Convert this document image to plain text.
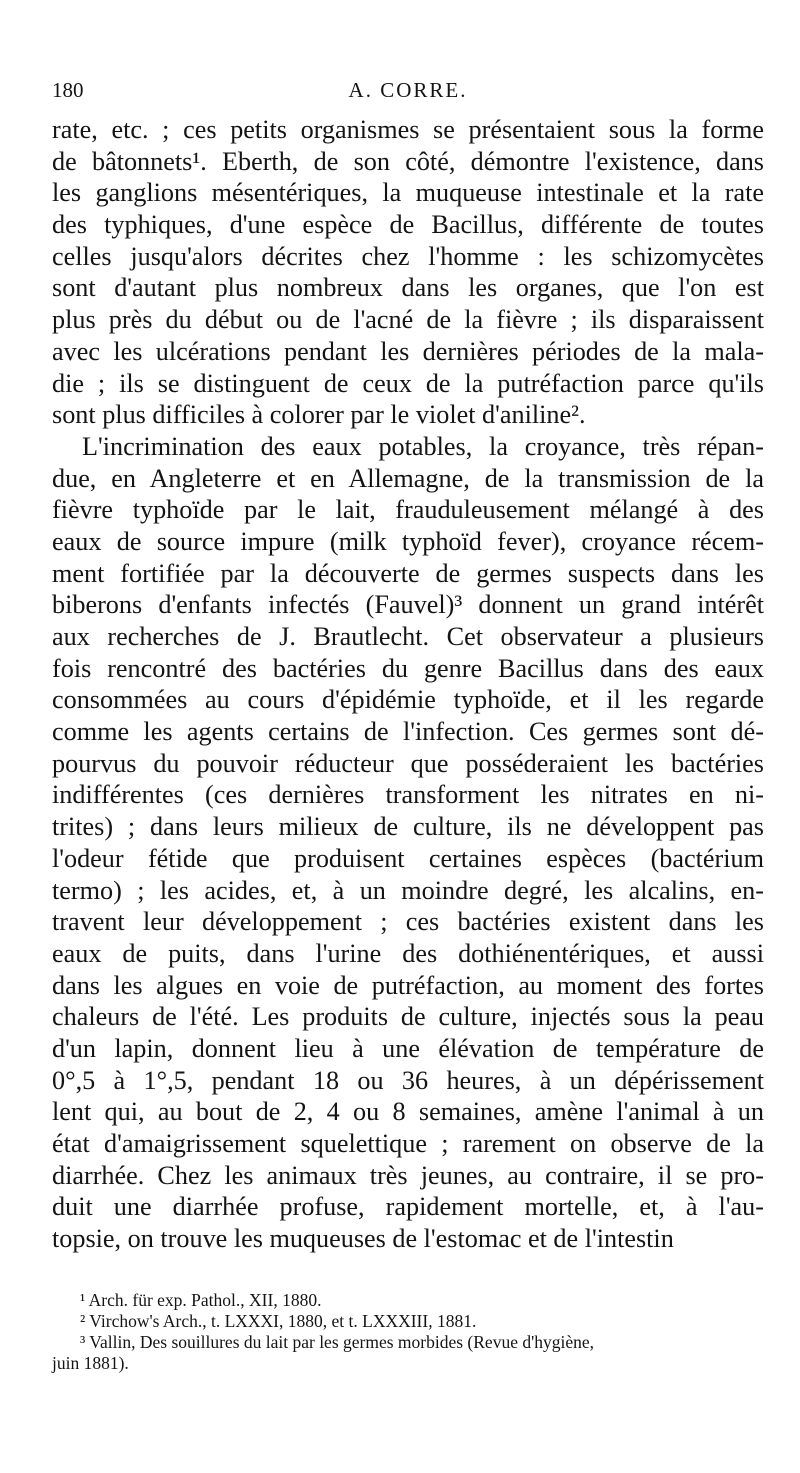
180	A. CORRE.
rate, etc. ; ces petits organismes se présentaient sous la forme
de bâtonnets¹. Eberth, de son côté, démontre l'existence, dans
les ganglions mésentériques, la muqueuse intestinale et la rate
des typhiques, d'une espèce de Bacillus, différente de toutes
celles jusqu'alors décrites chez l'homme : les schizomycètes
sont d'autant plus nombreux dans les organes, que l'on est
plus près du début ou de l'acné de la fièvre ; ils disparaissent
avec les ulcérations pendant les dernières périodes de la mala-
die ; ils se distinguent de ceux de la putréfaction parce qu'ils
sont plus difficiles à colorer par le violet d'aniline².
L'incrimination des eaux potables, la croyance, très répan-
due, en Angleterre et en Allemagne, de la transmission de la
fièvre typhoïde par le lait, frauduleusement mélangé à des
eaux de source impure (milk typhoïd fever), croyance récem-
ment fortifiée par la découverte de germes suspects dans les
biberons d'enfants infectés (Fauvel)³ donnent un grand intérêt
aux recherches de J. Brautlecht. Cet observateur a plusieurs
fois rencontré des bactéries du genre Bacillus dans des eaux
consommées au cours d'épidémie typhoïde, et il les regarde
comme les agents certains de l'infection. Ces germes sont dé-
pourvus du pouvoir réducteur que posséderaient les bactéries
indifférentes (ces dernières transforment les nitrates en ni-
trites) ; dans leurs milieux de culture, ils ne développent pas
l'odeur fétide que produisent certaines espèces (bactérium
termo) ; les acides, et, à un moindre degré, les alcalins, en-
travent leur développement ; ces bactéries existent dans les
eaux de puits, dans l'urine des dothiénentériques, et aussi
dans les algues en voie de putréfaction, au moment des fortes
chaleurs de l'été. Les produits de culture, injectés sous la peau
d'un lapin, donnent lieu à une élévation de température de
0°,5 à 1°,5, pendant 18 ou 36 heures, à un dépérissement
lent qui, au bout de 2, 4 ou 8 semaines, amène l'animal à un
état d'amaigrissement squelettique ; rarement on observe de la
diarrhée. Chez les animaux très jeunes, au contraire, il se pro-
duit une diarrhée profuse, rapidement mortelle, et, à l'au-
topsie, on trouve les muqueuses de l'estomac et de l'intestin
¹ Arch. für exp. Pathol., XII, 1880.
² Virchow's Arch., t. LXXXI, 1880, et t. LXXXIII, 1881.
³ Vallin, Des souillures du lait par les germes morbides (Revue d'hygiène,
juin 1881).
